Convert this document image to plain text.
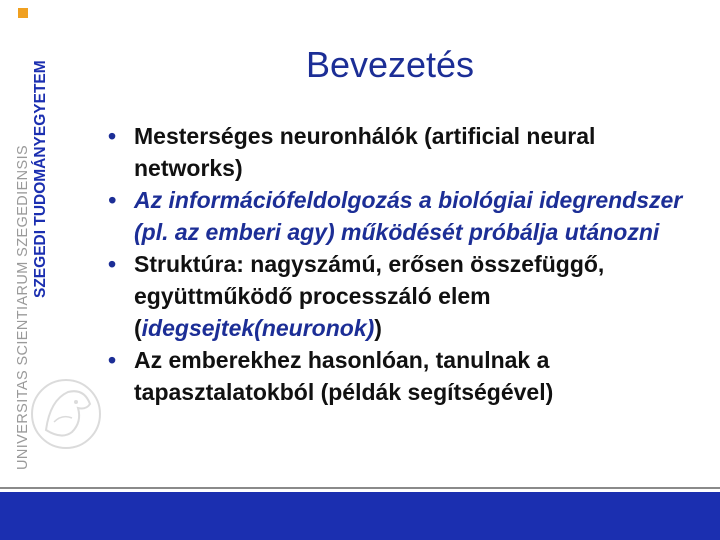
UNIVERSITAS SCIENTIARUM SZEGEDIENSIS SZEGEDI TUDOMÁNYEGYETEM	Bevezetés
• Mesterséges neuronhálók (artificial neural networks)
• Az információfeldolgozás a biológiai idegrendszer (pl. az emberi agy) működését próbálja utánozni
• Struktúra: nagyszámú, erősen összefüggő, együttműködő processzáló elem (idegsejtek(neuronok))
• Az emberekhez hasonlóan, tanulnak a tapasztalatokból (példák segítségével)
